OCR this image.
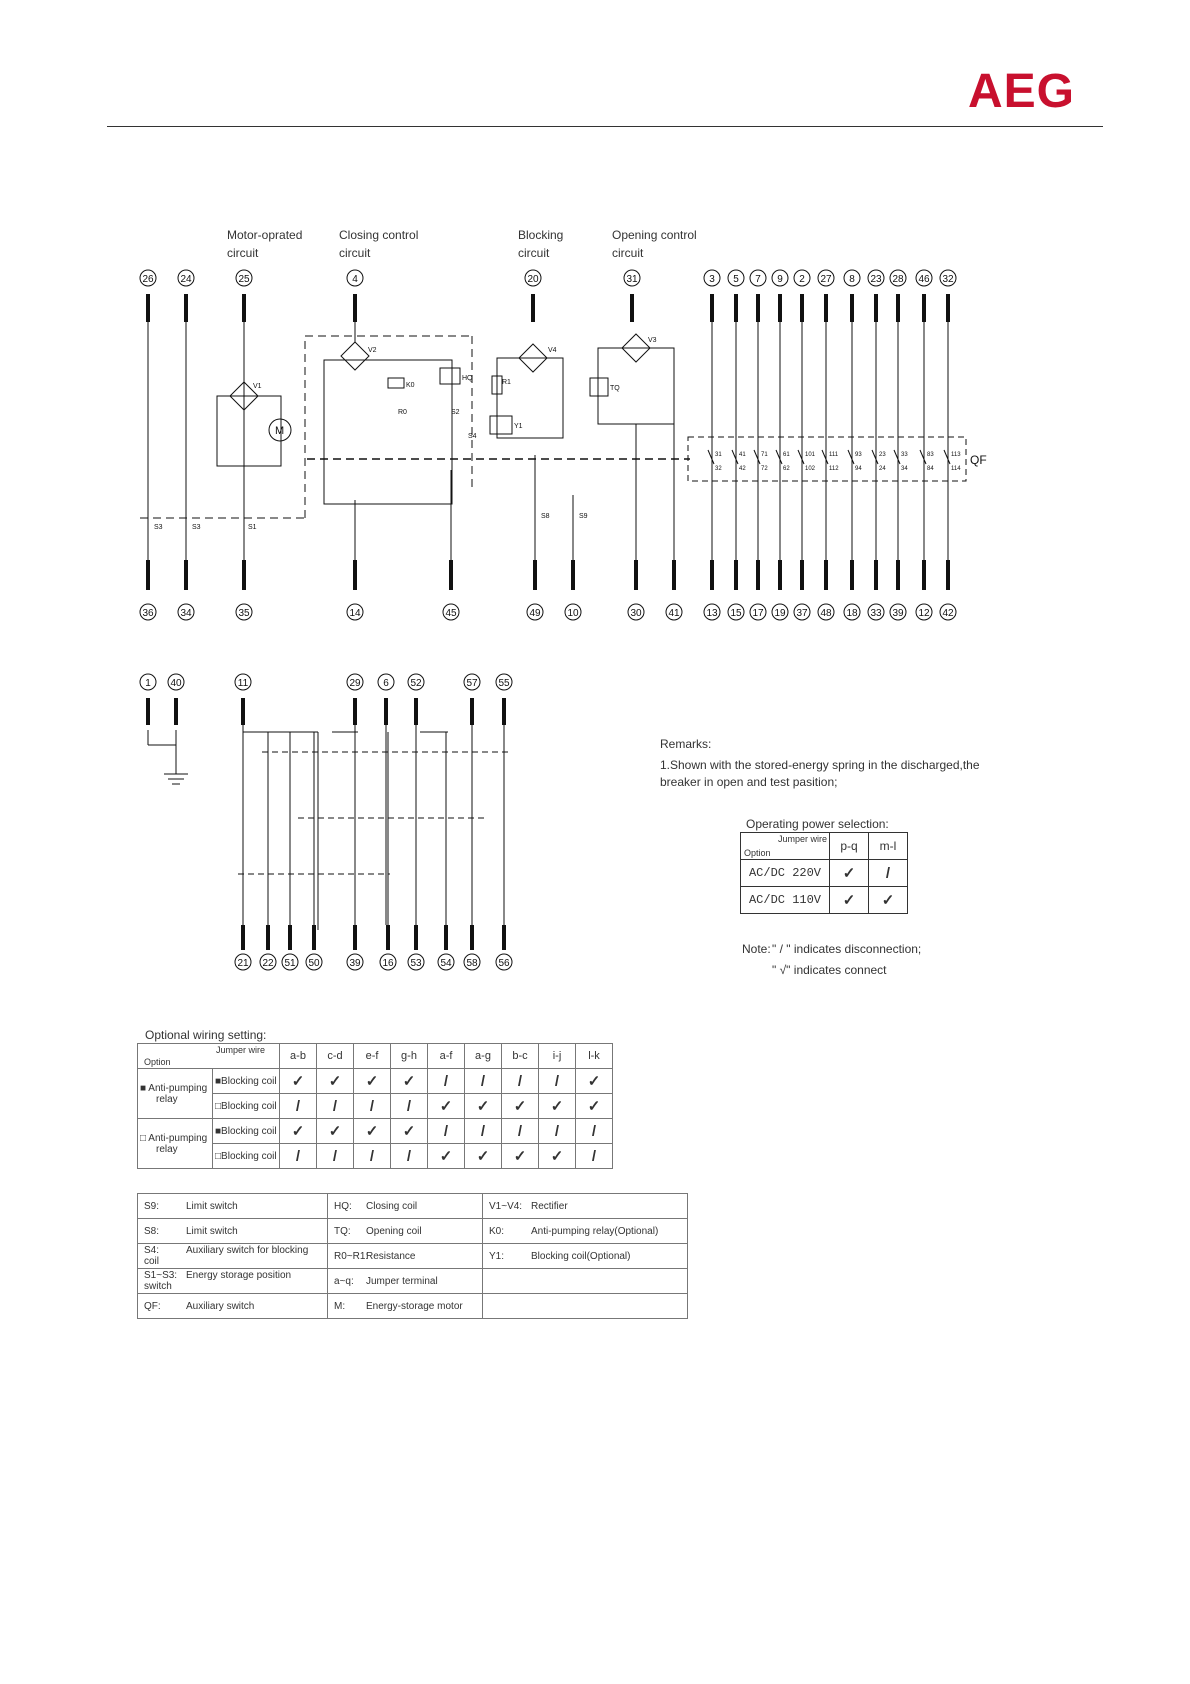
AEG
Motor-oprated
circuit
Closing control
circuit
Blocking
circuit
Opening control
circuit
QF
M
V1
V2
K0
R0
HQ
S2
R1
Y1
V4
S4
S9
S8
TQ
V3
26	24	25	4	20	31	3 5 7 9 2 27 8 23 28 46 32
36	34	35	14	45	49	10	30	41	13 15 17 19 37 48 18 33 39 12 42
1 40	11	29 6 52	57 55
21 22 51 50	39 16 53 54 58 56
31
32
41
42
71
72
61
62
101
102
111
112
93
94
23
24
33
34
83
84
113
114
S3	S3	S1
Remarks:
1.Shown with the stored-energy spring in the discharged,the
breaker in open and test pasition;
Operating power selection:
Jumper wire
Option	p-q	m-l
AC/DC 220V	✓	/
AC/DC 110V	✓	✓
Note: " / " indicates disconnection;
" √" indicates connect
Optional wiring setting:
Jumper wire
Option		a-b	c-d	e-f	g-h	a-f	a-g	b-c	i-j	l-k

■ Anti-pumping
relay	■Blocking coil	✓	✓	✓	✓	/	/	/	/	✓
	□Blocking coil	/	/	/	/	✓	✓	✓	✓	✓

□ Anti-pumping
relay	■Blocking coil	✓	✓	✓	✓	/	/	/	/	/
	□Blocking coil	/	/	/	/	✓	✓	✓	✓	/
S9: Limit switch	HQ: Closing coil	V1~V4: Rectifier
S8: Limit switch	TQ: Opening coil	K0: Anti-pumping relay(Optional)
S4: Auxiliary switch for blocking coil	R0~R1:Resistance	Y1: Blocking coil(Optional)
S1~S3: Energy storage position switch	a~q: Jumper terminal	
QF: Auxiliary switch	M: Energy-storage motor	
